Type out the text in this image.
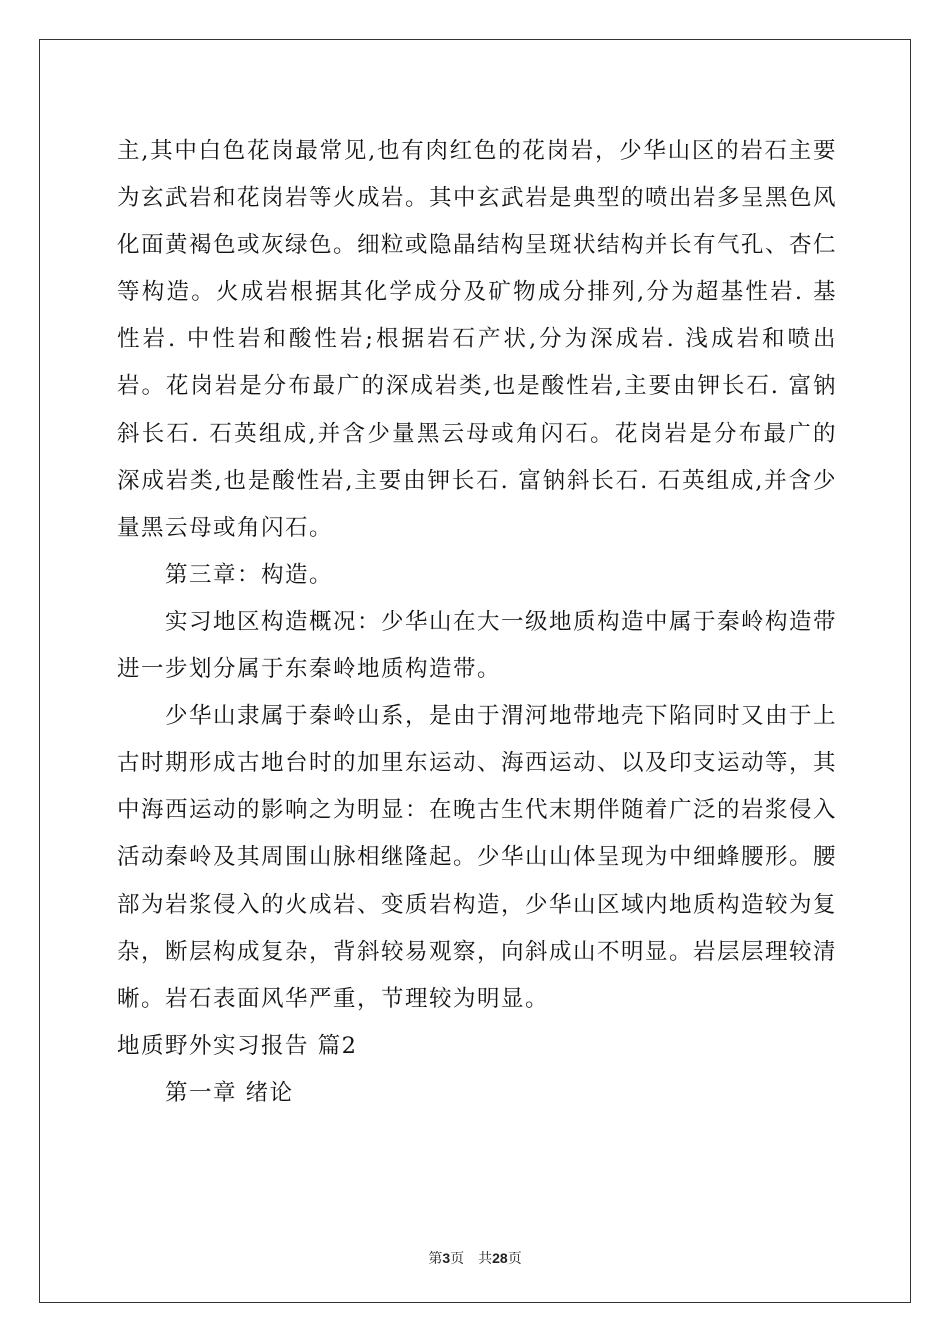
主,其中白色花岗最常见,也有肉红色的花岗岩，少华山区的岩石主要为玄武岩和花岗岩等火成岩。其中玄武岩是典型的喷出岩多呈黑色风化面黄褐色或灰绿色。细粒或隐晶结构呈斑状结构并长有气孔、杏仁等构造。火成岩根据其化学成分及矿物成分排列,分为超基性岩. 基性岩. 中性岩和酸性岩;根据岩石产状,分为深成岩. 浅成岩和喷出岩。花岗岩是分布最广的深成岩类,也是酸性岩,主要由钾长石. 富钠斜长石. 石英组成,并含少量黑云母或角闪石。花岗岩是分布最广的深成岩类,也是酸性岩,主要由钾长石. 富钠斜长石. 石英组成,并含少量黑云母或角闪石。

第三章：构造。

实习地区构造概况：少华山在大一级地质构造中属于秦岭构造带进一步划分属于东秦岭地质构造带。

少华山隶属于秦岭山系，是由于渭河地带地壳下陷同时又由于上古时期形成古地台时的加里东运动、海西运动、以及印支运动等，其中海西运动的影响之为明显：在晚古生代末期伴随着广泛的岩浆侵入活动秦岭及其周围山脉相继隆起。少华山山体呈现为中细蜂腰形。腰部为岩浆侵入的火成岩、变质岩构造，少华山区域内地质构造较为复杂，断层构成复杂，背斜较易观察，向斜成山不明显。岩层层理较清晰。岩石表面风华严重，节理较为明显。

地质野外实习报告 篇2

第一章 绪论

第3页　共28页
